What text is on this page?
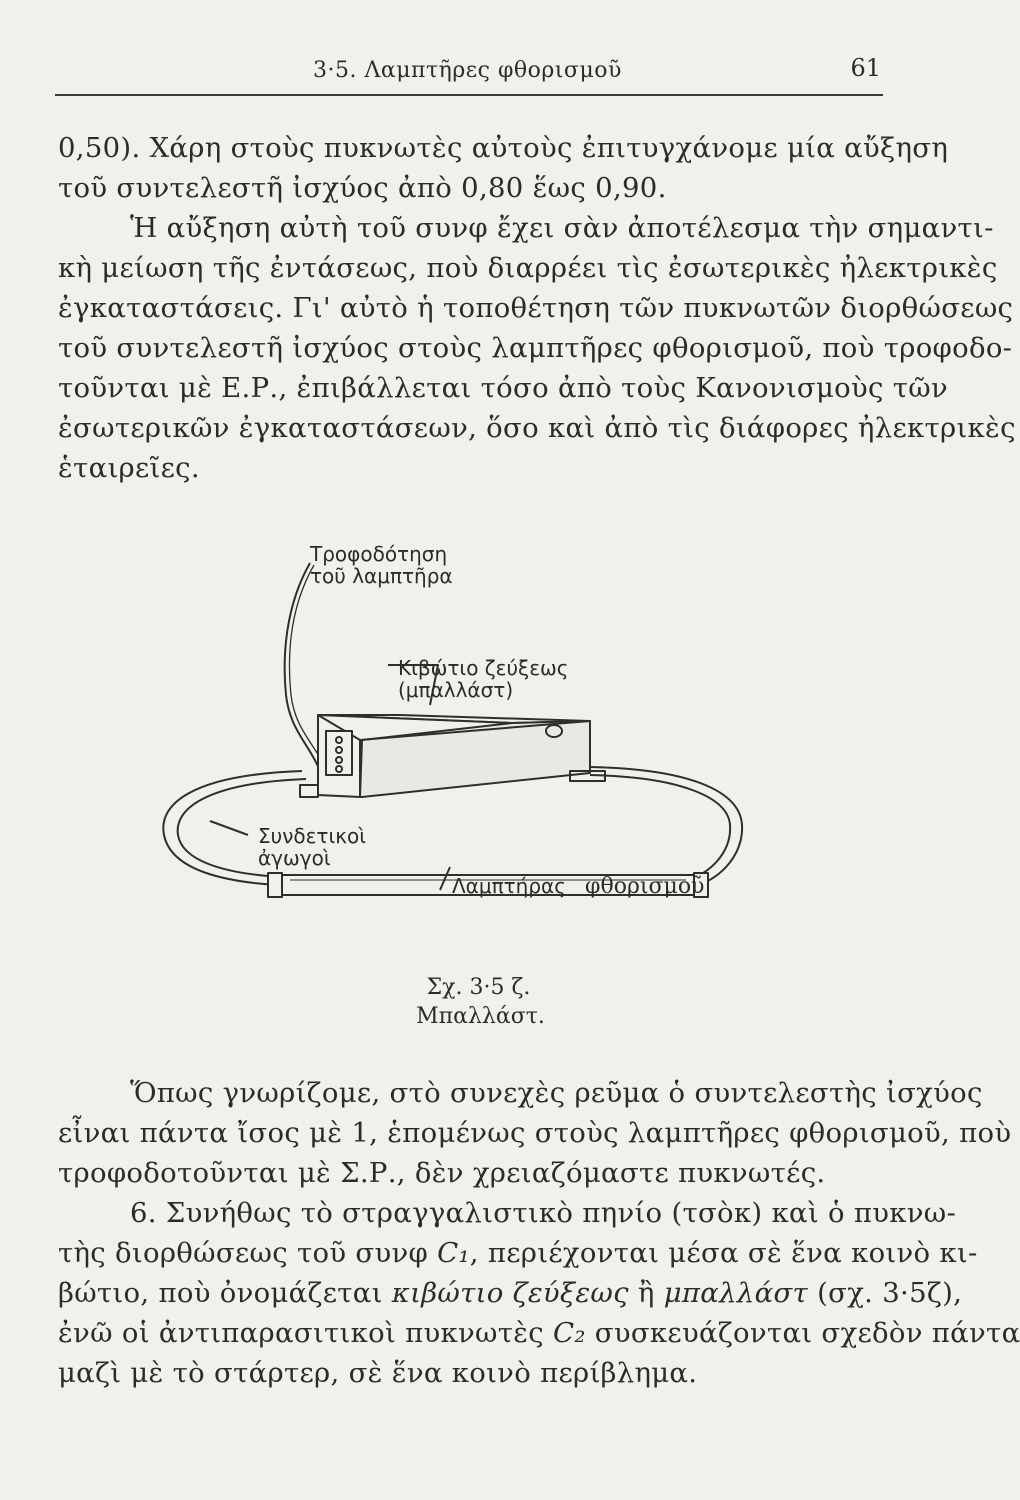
3·5. Λαμπτῆρες φθορισμοῦ	61
0,50). Χάρη στοὺς πυκνωτὲς αὐτοὺς ἐπιτυγχάνομε μία αὔξηση
τοῦ συντελεστῆ ἰσχύος ἀπὸ 0,80 ἕως 0,90.
Ἡ αὔξηση αὐτὴ τοῦ συνφ ἔχει σὰν ἀποτέλεσμα τὴν σημαντι-
κὴ μείωση τῆς ἐντάσεως, ποὺ διαρρέει τὶς ἐσωτερικὲς ἠλεκτρικὲς
ἐγκαταστάσεις. Γι' αὐτὸ ἡ τοποθέτηση τῶν πυκνωτῶν διορθώσεως
τοῦ συντελεστῆ ἰσχύος στοὺς λαμπτῆρες φθορισμοῦ, ποὺ τροφοδο-
τοῦνται μὲ Ε.Ρ., ἐπιβάλλεται τόσο ἀπὸ τοὺς Κανονισμοὺς τῶν
ἐσωτερικῶν ἐγκαταστάσεων, ὅσο καὶ ἀπὸ τὶς διάφορες ἠλεκτρικὲς
ἑταιρεῖες.
Τροφοδότηση
τοῦ λαμπτῆρα
Κιβώτιο ζεύξεως
(μπαλλάστ)
Συνδετικοὶ
ἀγωγοὶ
Λαμπτήρας φθορισμοῦ
Σχ. 3·5 ζ.
Μπαλλάστ.
Ὅπως γνωρίζομε, στὸ συνεχὲς ρεῦμα ὁ συντελεστὴς ἰσχύος
εἶναι πάντα ἴσος μὲ 1, ἑπομένως στοὺς λαμπτῆρες φθορισμοῦ, ποὺ
τροφοδοτοῦνται μὲ Σ.Ρ., δὲν χρειαζόμαστε πυκνωτές.
6. Συνήθως τὸ στραγγαλιστικὸ πηνίο (τσὸκ) καὶ ὁ πυκνω-
τὴς διορθώσεως τοῦ συνφ C₁, περιέχονται μέσα σὲ ἕνα κοινὸ κι-
βώτιο, ποὺ ὀνομάζεται κιβώτιο ζεύξεως ἢ μπαλλάστ (σχ. 3·5ζ),
ἐνῶ οἱ ἀντιπαρασιτικοὶ πυκνωτὲς C₂ συσκευάζονται σχεδὸν πάντα
μαζὶ μὲ τὸ στάρτερ, σὲ ἕνα κοινὸ περίβλημα.
